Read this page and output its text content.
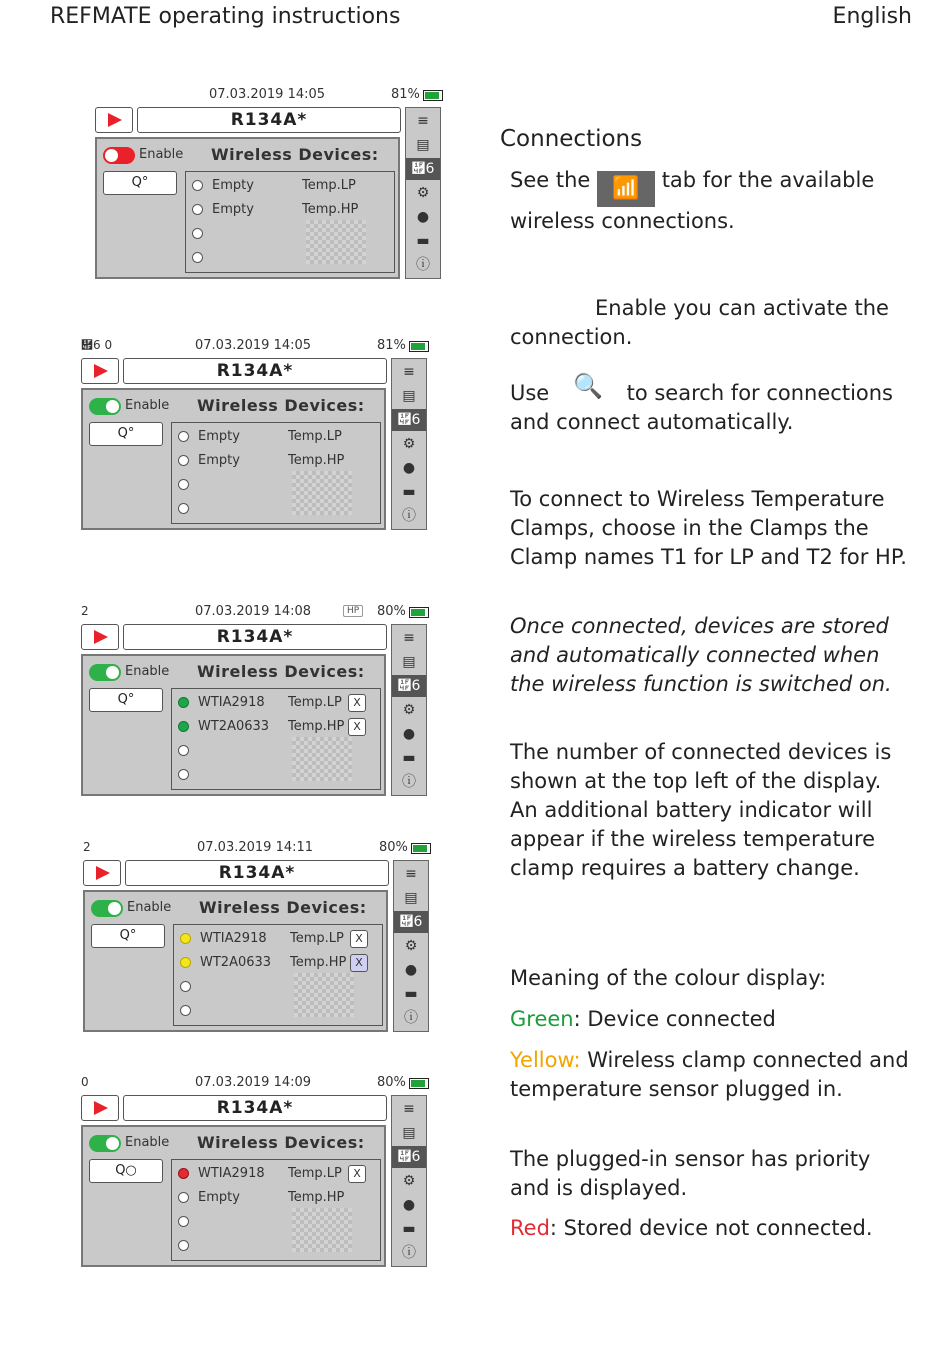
REFMATE operating instructions	English
07.03.2019 14:05	81%
R134A*
Enable Wireless Devices:
Q°	Empty	Temp.LP
Empty	Temp.HP
≡
▤
὏6
⚙
●
▬
ⓘ
὏6 0	07.03.2019 14:05	81%
R134A*
Enable Wireless Devices:
Q°	Empty	Temp.LP
Empty	Temp.HP
≡
▤
὏6
⚙
●
▬
ⓘ
2	07.03.2019 14:08	HP	80%
R134A*
Enable Wireless Devices:
Q°	WTIA2918 Temp.LP	X
WT2A0633 Temp.HP X
≡
▤
὏6
⚙
●
▬
ⓘ
2	07.03.2019 14:11	80%
R134A*
Enable Wireless Devices:
Q°	WTIA2918 Temp.LP	X
WT2A0633 Temp.HP X
≡
▤
὏6
⚙
●
▬
ⓘ
0	07.03.2019 14:09	80%
R134A*
Enable Wireless Devices:
Q○	WTIA2918 Temp.LP	X
Empty	Temp.HP
≡
▤
὏6
⚙
●
▬
ⓘ
Connections
See the 📶 tab for the available wireless connections.
Enable you can activate the connection.
Use 🔍 to search for connections and connect automatically.
To connect to Wireless Temperature Clamps, choose in the Clamps the Clamp names T1 for LP and T2 for HP.
Once connected, devices are stored and automatically connected when the wireless function is switched on.
The number of connected devices is shown at the top left of the display. An additional battery indicator will appear if the wireless temperature clamp requires a battery change.
Meaning of the colour display:
Green: Device connected
Yellow: Wireless clamp connected and temperature sensor plugged in.
The plugged-in sensor has priority and is displayed.
Red: Stored device not connected.
